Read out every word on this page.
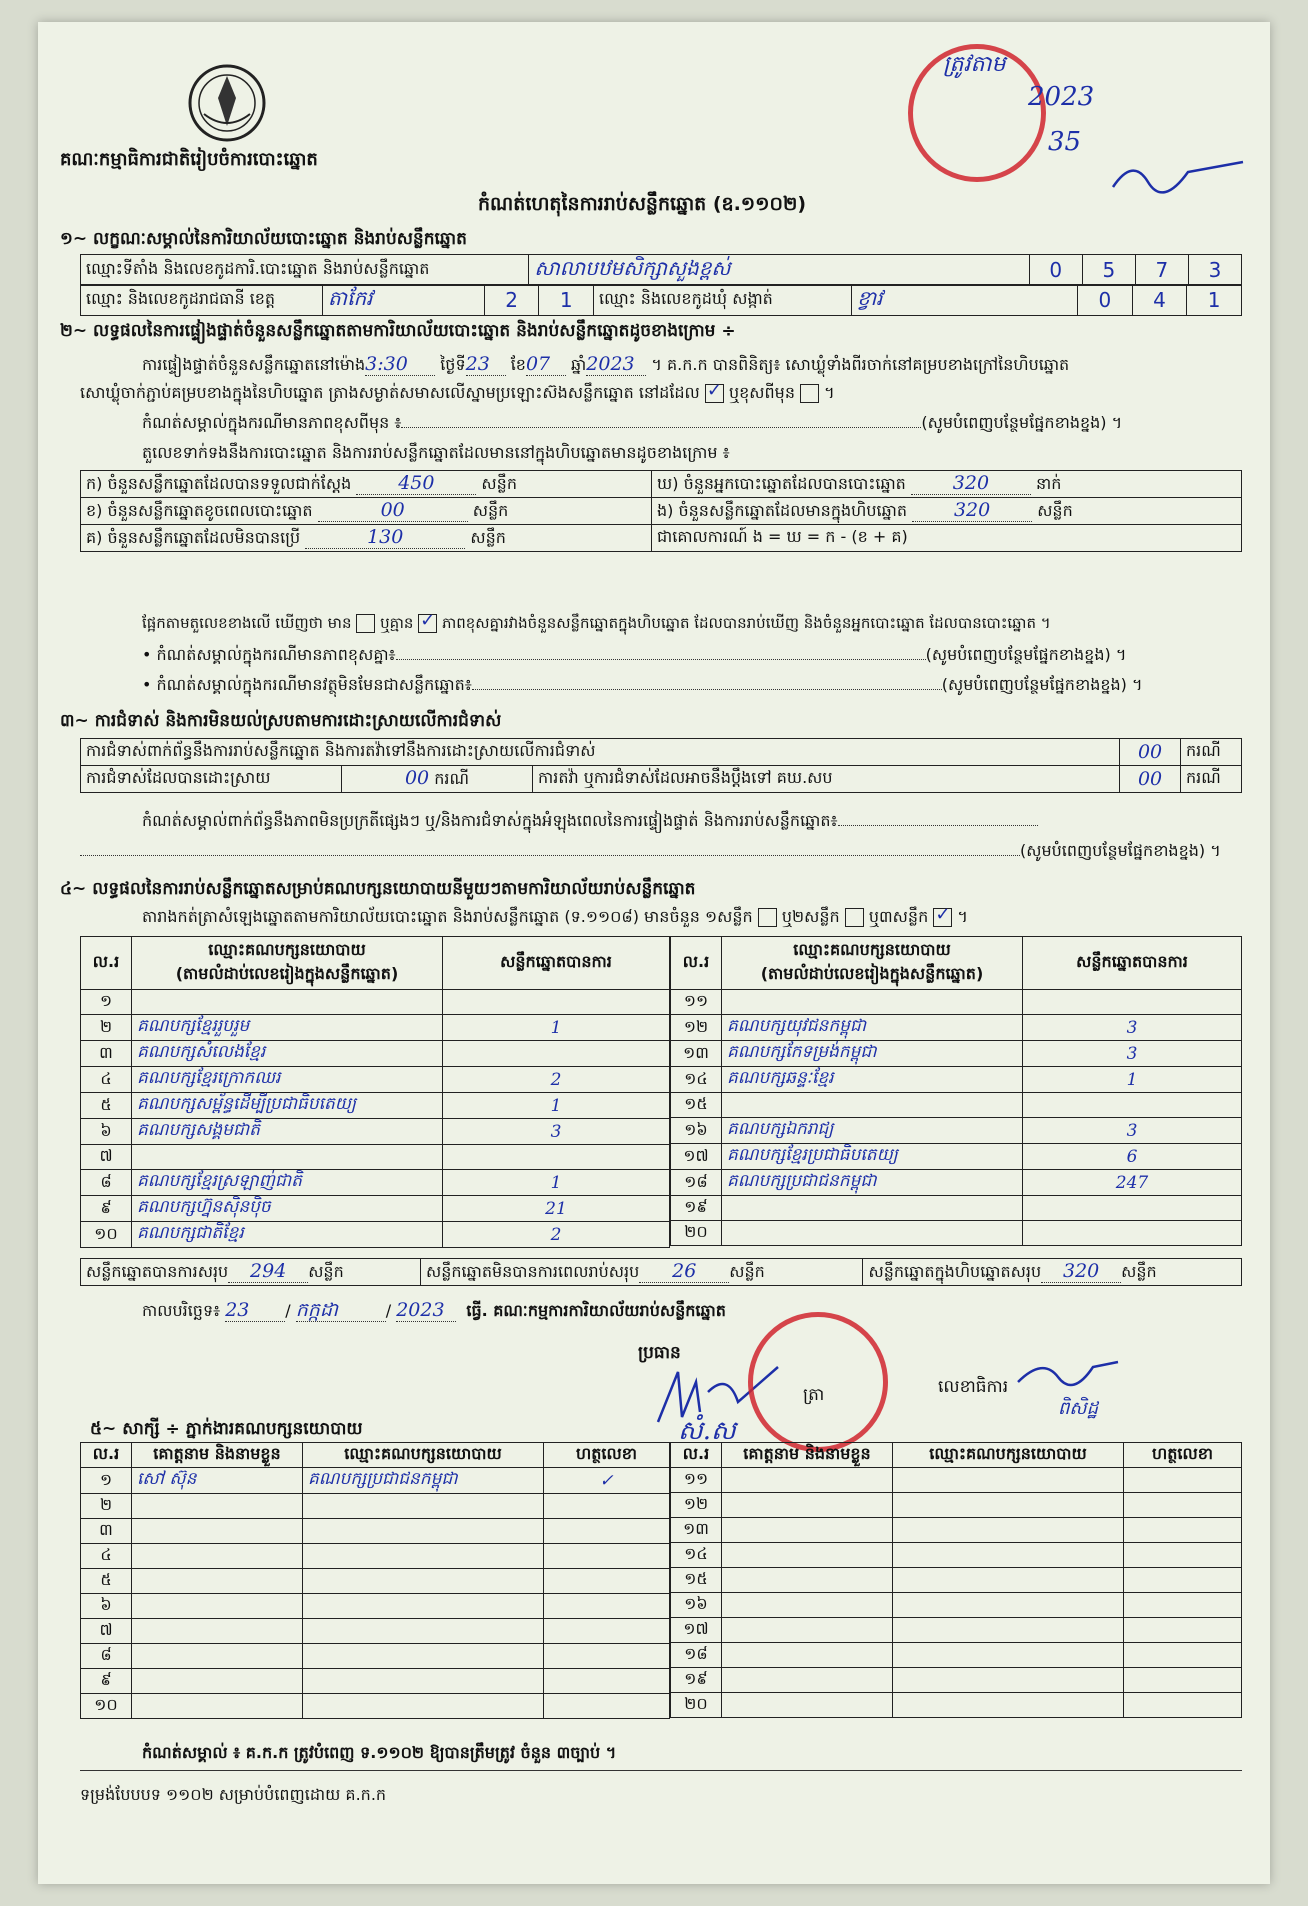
គណៈកម្មាធិការជាតិរៀបចំការបោះឆ្នោត
កំណត់ហេតុនៃការរាប់សន្លឹកឆ្នោត (ឧ.១១០២)
ត្រូវតាម
2023
35
១~ លក្ខណៈសម្គាល់នៃការិយាល័យបោះឆ្នោត និងរាប់សន្លឹកឆ្នោត
ឈ្មោះទីតាំង និងលេខកូដការិ.បោះឆ្នោត និងរាប់សន្លឹកឆ្នោត	សាលាបឋមសិក្សាសួងខ្ពស់	0	5	7	3
ឈ្មោះ និងលេខកូដរាជធានី ខេត្ត	តាកែវ	2	1	ឈ្មោះ និងលេខកូដឃុំ សង្កាត់	ខ្វាវ	0	4	1
២~ លទ្ធផលនៃការផ្ទៀងផ្ទាត់ចំនួនសន្លឹកឆ្នោតតាមការិយាល័យបោះឆ្នោត និងរាប់សន្លឹកឆ្នោតដូចខាងក្រោម ÷
ការផ្ទៀងផ្ទាត់ចំនួនសន្លឹកឆ្នោតនៅម៉ោង3:30 ថ្ងៃទី23 ខែ07 ឆ្នាំ2023 ។ គ.ក.ក បានពិនិត្យ៖ សោឃ្លុំទាំងពីរចាក់នៅគម្របខាងក្រៅនៃហិបឆ្នោត
សោឃ្លុំចាក់ភ្ជាប់គម្របខាងក្នុងនៃហិបឆ្នោត ត្រាងសម្ងាត់សមាសលើស្នាមប្រឡោះស៊ងសន្លឹកឆ្នោត នៅដដែល ✓ ឬខុសពីមុន ។
កំណត់សម្គាល់ក្នុងករណីមានភាពខុសពីមុន ៖	(សូមបំពេញបន្ថែមផ្នែកខាងខ្នង) ។
តួលេខទាក់ទងនឹងការបោះឆ្នោត និងការរាប់សន្លឹកឆ្នោតដែលមាននៅក្នុងហិបឆ្នោតមានដូចខាងក្រោម ៖
ក) ចំនួនសន្លឹកឆ្នោតដែលបានទទួលជាក់ស្តែង 450 សន្លឹក	ឃ) ចំនួនអ្នកបោះឆ្នោតដែលបានបោះឆ្នោត 320 នាក់
ខ) ចំនួនសន្លឹកឆ្នោតខូចពេលបោះឆ្នោត 00 សន្លឹក	ង) ចំនួនសន្លឹកឆ្នោតដែលមានក្នុងហិបឆ្នោត 320 សន្លឹក
គ) ចំនួនសន្លឹកឆ្នោតដែលមិនបានប្រើ 130 សន្លឹក	ជាគោលការណ៍ ង = ឃ = ក - (ខ + គ)
ផ្អែកតាមតួលេខខាងលើ ឃើញថា មាន ឬគ្មាន ✓ ភាពខុសគ្នារវាងចំនួនសន្លឹកឆ្នោតក្នុងហិបឆ្នោត ដែលបានរាប់ឃើញ និងចំនួនអ្នកបោះឆ្នោត ដែលបានបោះឆ្នោត ។
• កំណត់សម្គាល់ក្នុងករណីមានភាពខុសគ្នា៖	(សូមបំពេញបន្ថែមផ្នែកខាងខ្នង) ។
• កំណត់សម្គាល់ក្នុងករណីមានវត្ថុមិនមែនជាសន្លឹកឆ្នោត៖	(សូមបំពេញបន្ថែមផ្នែកខាងខ្នង) ។
៣~ ការជំទាស់ និងការមិនយល់ស្របតាមការដោះស្រាយលើការជំទាស់
ការជំទាស់ពាក់ព័ន្ធនឹងការរាប់សន្លឹកឆ្នោត និងការតវ៉ាទៅនឹងការដោះស្រាយលើការជំទាស់			00	ករណី
ការជំទាស់ដែលបានដោះស្រាយ	00 ករណី	ការតវ៉ា ឬការជំទាស់ដែលអាចនឹងប្តឹងទៅ គឃ.សប	00	ករណី
កំណត់សម្គាល់ពាក់ព័ន្ធនឹងភាពមិនប្រក្រតីផ្សេងៗ ឬ/និងការជំទាស់ក្នុងអំឡុងពេលនៃការផ្ទៀងផ្ទាត់ និងការរាប់សន្លឹកឆ្នោត៖
(សូមបំពេញបន្ថែមផ្នែកខាងខ្នង) ។
៤~ លទ្ធផលនៃការរាប់សន្លឹកឆ្នោតសម្រាប់គណបក្សនយោបាយនីមួយៗតាមការិយាល័យរាប់សន្លឹកឆ្នោត
តារាងកត់ត្រាសំឡេងឆ្នោតតាមការិយាល័យបោះឆ្នោត និងរាប់សន្លឹកឆ្នោត (ទ.១១០៨) មានចំនួន ១សន្លឹក ឬ២សន្លឹក ឬ៣សន្លឹក ✓ ។
ល.រ	ឈ្មោះគណបក្សនយោបាយ
(តាមលំដាប់លេខរៀងក្នុងសន្លឹកឆ្នោត)	សន្លឹកឆ្នោតបានការ
១		
២	គណបក្សខ្មែររួបរួម	1
៣	គណបក្សសំលេងខ្មែរ	
៤	គណបក្សខ្មែរក្រោកឈរ	2
៥	គណបក្សសម្ព័ន្ធដើម្បីប្រជាធិបតេយ្យ	1
៦	គណបក្សសង្គមជាតិ	3
៧		
៨	គណបក្សខ្មែរស្រឡាញ់ជាតិ	1
៩	គណបក្សហ្វ៊ុនស៊ិនប៉ិច	21
១០	គណបក្សជាតិខ្មែរ	2
ល.រ	ឈ្មោះគណបក្សនយោបាយ
(តាមលំដាប់លេខរៀងក្នុងសន្លឹកឆ្នោត)	សន្លឹកឆ្នោតបានការ
១១		
១២	គណបក្សយុវជនកម្ពុជា	3
១៣	គណបក្សកែទម្រង់កម្ពុជា	3
១៤	គណបក្សឆន្ទៈខ្មែរ	1
១៥		
១៦	គណបក្សឯករាជ្យ	3
១៧	គណបក្សខ្មែរប្រជាធិបតេយ្យ	6
១៨	គណបក្សប្រជាជនកម្ពុជា	247
១៩		
២០		
សន្លឹកឆ្នោតបានការសរុប 294 សន្លឹក	សន្លឹកឆ្នោតមិនបានការពេលរាប់សរុប 26 សន្លឹក	សន្លឹកឆ្នោតក្នុងហិបឆ្នោតសរុប 320 សន្លឹក
កាលបរិច្ឆេទ៖ 23 / កក្កដា	/ 2023 ធ្វើ. គណៈកម្មការការិយាល័យរាប់សន្លឹកឆ្នោត
ប្រធាន
សំ.ស
ត្រា	លេខាធិការ
ពិសិដ្ឋ
៥~ សាក្សី ÷ ភ្នាក់ងារគណបក្សនយោបាយ
ល.រ	គោត្តនាម និងនាមខ្លួន	ឈ្មោះគណបក្សនយោបាយ	ហត្ថលេខា
១	សៅ ស៊ុន	គណបក្សប្រជាជនកម្ពុជា	✓
២			
៣			
៤			
៥			
៦			
៧			
៨			
៩			
១០			
ល.រ	គោត្តនាម និងនាមខ្លួន	ឈ្មោះគណបក្សនយោបាយ	ហត្ថលេខា
១១			
១២			
១៣			
១៤			
១៥			
១៦			
១៧			
១៨			
១៩			
២០			
កំណត់សម្គាល់ ៖ គ.ក.ក ត្រូវបំពេញ ទ.១១០២ ឱ្យបានត្រឹមត្រូវ ចំនួន ៣ច្បាប់ ។
ទម្រង់បែបបទ ១១០២ សម្រាប់បំពេញដោយ គ.ក.ក
